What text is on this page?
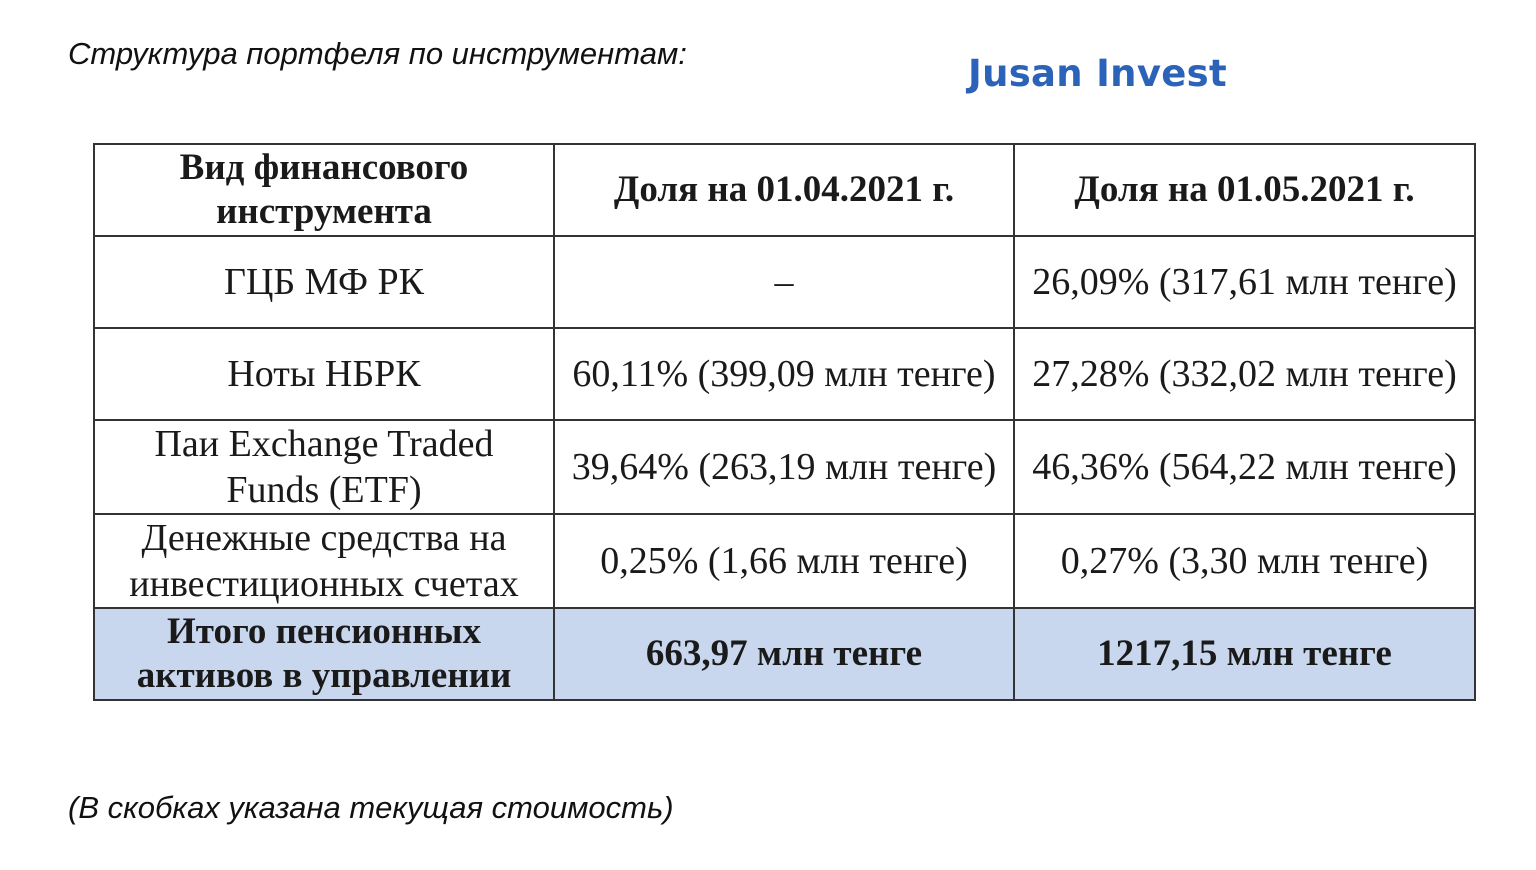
Структура портфеля по инструментам:	Jusan Invest
Вид финансового инструмента	Доля на 01.04.2021 г.	Доля на 01.05.2021 г.
ГЦБ МФ РК	–	26,09% (317,61 млн тенге)
Ноты НБРК	60,11% (399,09 млн тенге)	27,28% (332,02 млн тенге)
Паи Exchange Traded Funds (ETF)	39,64% (263,19 млн тенге)	46,36% (564,22 млн тенге)
Денежные средства на инвестиционных счетах	0,25% (1,66 млн тенге)	0,27% (3,30 млн тенге)
Итого пенсионных активов в управлении	663,97 млн тенге	1217,15 млн тенге
(В скобках указана текущая стоимость)
